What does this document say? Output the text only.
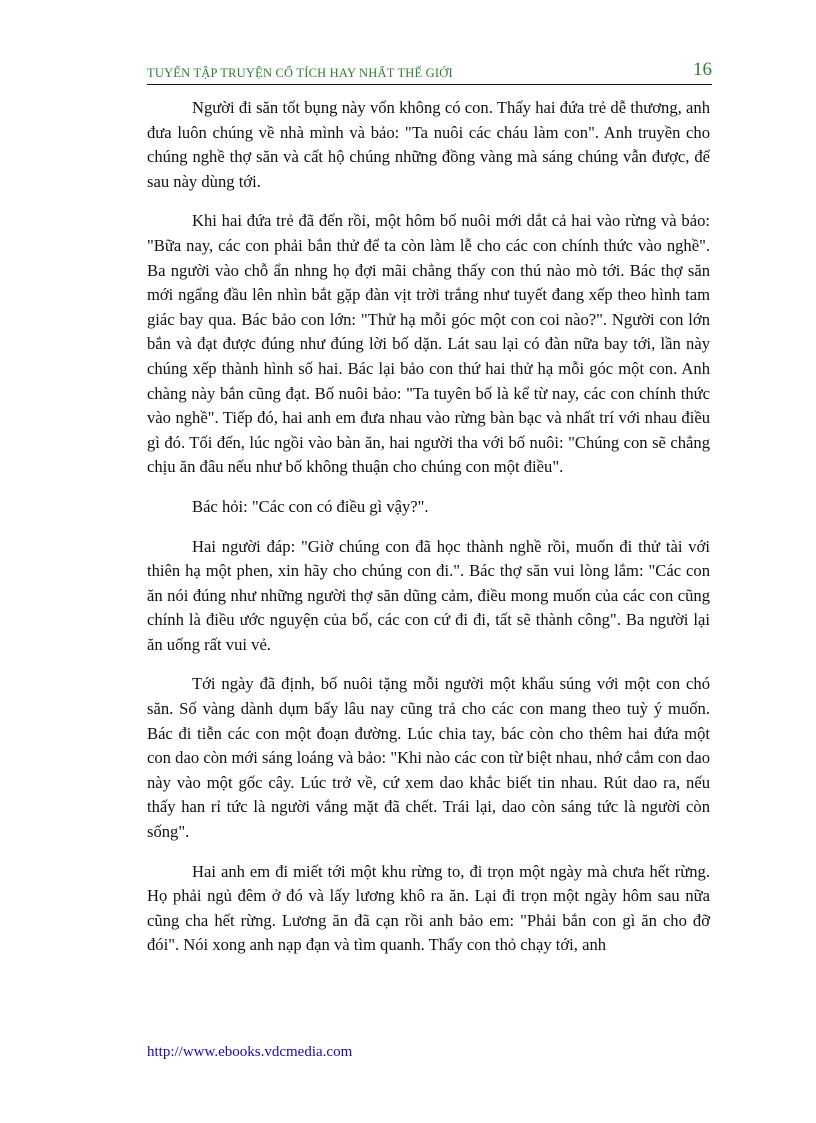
TUYỂN TẬP TRUYỆN CỔ TÍCH HAY NHẤT THẾ GIỚI	16

Người đi săn tốt bụng này vốn không có con. Thấy hai đứa trẻ dễ thương, anh đưa luôn chúng về nhà mình và bảo: "Ta nuôi các cháu làm con". Anh truyền cho chúng nghề thợ săn và cất hộ chúng những đồng vàng mà sáng chúng vẫn được, để sau này dùng tới.

Khi hai đứa trẻ đã đến rồi, một hôm bố nuôi mới dắt cả hai vào rừng và bảo: "Bữa nay, các con phải bắn thử để ta còn làm lễ cho các con chính thức vào nghề". Ba người vào chỗ ẩn nhng họ đợi mãi chẳng thấy con thú nào mò tới. Bác thợ săn mới ngẩng đầu lên nhìn bắt gặp đàn vịt trời trắng như tuyết đang xếp theo hình tam giác bay qua. Bác bảo con lớn: "Thử hạ mỗi góc một con coi nào?". Người con lớn bắn và đạt được đúng như đúng lời bố dặn. Lát sau lại có đàn nữa bay tới, lần này chúng xếp thành hình số hai. Bác lại bảo con thứ hai thử hạ mỗi góc một con. Anh chàng này bắn cũng đạt. Bố nuôi bảo: "Ta tuyên bố là kể từ nay, các con chính thức vào nghề". Tiếp đó, hai anh em đưa nhau vào rừng bàn bạc và nhất trí với nhau điều gì đó. Tối đến, lúc ngồi vào bàn ăn, hai người tha với bố nuôi: "Chúng con sẽ chẳng chịu ăn đâu nếu như bố không thuận cho chúng con một điều".

Bác hỏi: "Các con có điều gì vậy?".

Hai người đáp: "Giờ chúng con đã học thành nghề rồi, muốn đi thử tài với thiên hạ một phen, xin hãy cho chúng con đi.". Bác thợ săn vui lòng lắm: "Các con ăn nói đúng như những người thợ săn dũng cảm, điều mong muốn của các con cũng chính là điều ước nguyện của bố, các con cứ đi đi, tất sẽ thành công". Ba người lại ăn uống rất vui vẻ.

Tới ngày đã định, bố nuôi tặng mỗi người một khẩu súng với một con chó săn. Số vàng dành dụm bấy lâu nay cũng trả cho các con mang theo tuỳ ý muốn. Bác đi tiễn các con một đoạn đường. Lúc chia tay, bác còn cho thêm hai đứa một con dao còn mới sáng loáng và bảo: "Khi nào các con từ biệt nhau, nhớ cắm con dao này vào một gốc cây. Lúc trở về, cứ xem dao khắc biết tin nhau. Rút dao ra, nếu thấy han rỉ tức là người vắng mặt đã chết. Trái lại, dao còn sáng tức là người còn sống".

Hai anh em đi miết tới một khu rừng to, đi trọn một ngày mà chưa hết rừng. Họ phải ngủ đêm ở đó và lấy lương khô ra ăn. Lại đi trọn một ngày hôm sau nữa cũng cha hết rừng. Lương ăn đã cạn rồi anh bảo em: "Phải bắn con gì ăn cho đỡ đói". Nói xong anh nạp đạn và tìm quanh. Thấy con thỏ chạy tới, anh

http://www.ebooks.vdcmedia.com
